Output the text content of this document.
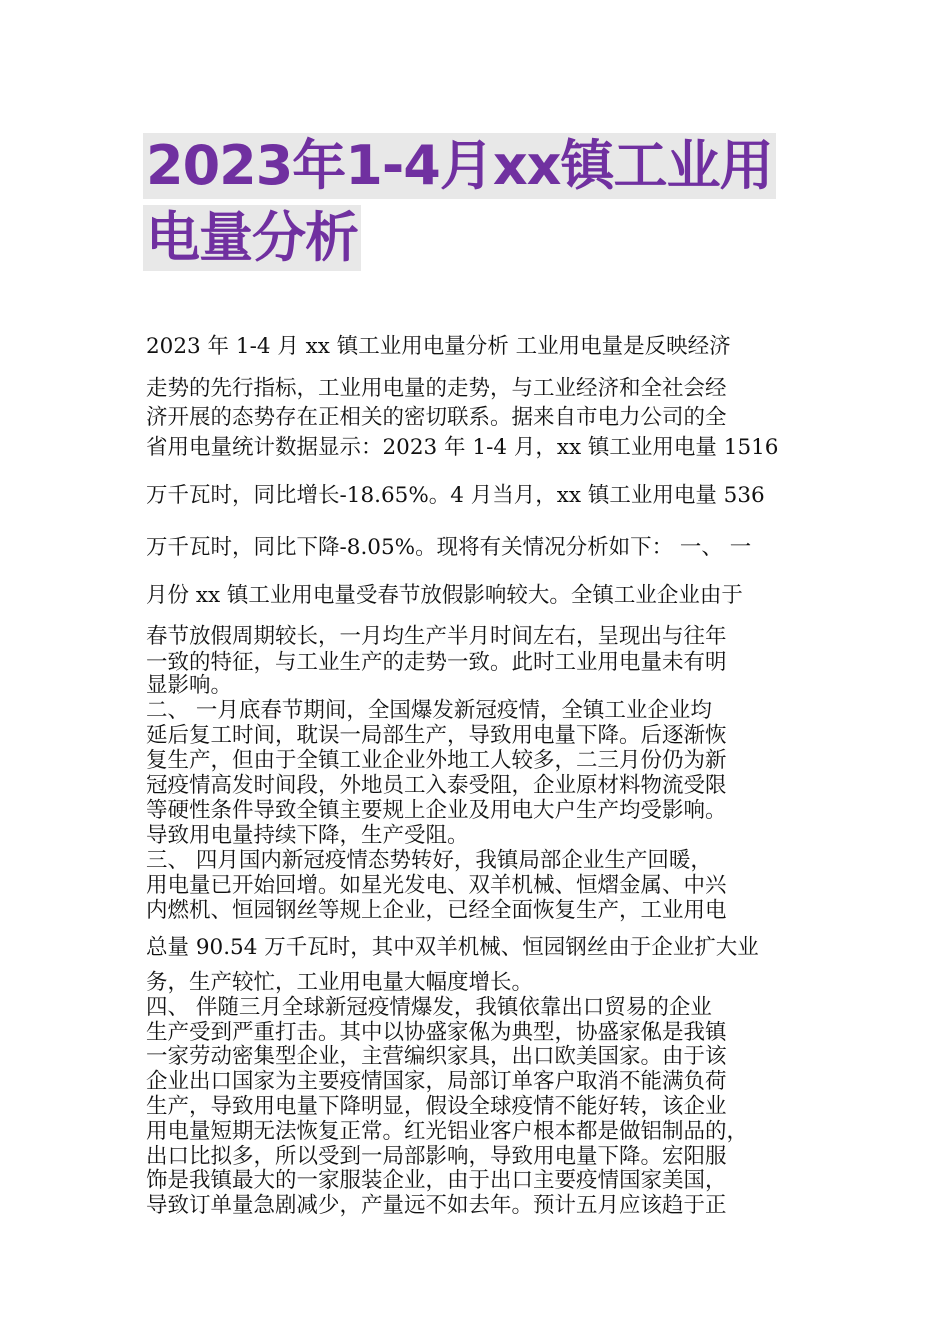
2023年1-4月xx镇工业用
电量分析
2023 年 1-4 月 xx 镇工业用电量分析 工业用电量是反映经济
走势的先行指标，工业用电量的走势，与工业经济和全社会经
济开展的态势存在正相关的密切联系。据来自市电力公司的全
省用电量统计数据显示：2023 年 1-4 月，xx 镇工业用电量 1516
万千瓦时，同比增长-18.65%。4 月当月，xx 镇工业用电量 536
万千瓦时，同比下降-8.05%。现将有关情况分析如下： 一、 一
月份 xx 镇工业用电量受春节放假影响较大。全镇工业企业由于
春节放假周期较长，一月均生产半月时间左右，呈现出与往年
一致的特征，与工业生产的走势一致。此时工业用电量未有明
显影响。
二、 一月底春节期间，全国爆发新冠疫情，全镇工业企业均
延后复工时间，耽误一局部生产，导致用电量下降。后逐渐恢
复生产，但由于全镇工业企业外地工人较多，二三月份仍为新
冠疫情高发时间段，外地员工入泰受阻，企业原材料物流受限
等硬性条件导致全镇主要规上企业及用电大户生产均受影响。
导致用电量持续下降，生产受阻。
三、 四月国内新冠疫情态势转好，我镇局部企业生产回暖，
用电量已开始回增。如星光发电、双羊机械、恒熠金属、中兴
内燃机、恒园钢丝等规上企业，已经全面恢复生产，工业用电
总量 90.54 万千瓦时，其中双羊机械、恒园钢丝由于企业扩大业
务，生产较忙，工业用电量大幅度增长。
四、 伴随三月全球新冠疫情爆发，我镇依靠出口贸易的企业
生产受到严重打击。其中以协盛家俬为典型，协盛家俬是我镇
一家劳动密集型企业，主营编织家具，出口欧美国家。由于该
企业出口国家为主要疫情国家，局部订单客户取消不能满负荷
生产，导致用电量下降明显，假设全球疫情不能好转，该企业
用电量短期无法恢复正常。红光铝业客户根本都是做铝制品的，
出口比拟多，所以受到一局部影响，导致用电量下降。宏阳服
饰是我镇最大的一家服装企业，由于出口主要疫情国家美国，
导致订单量急剧减少，产量远不如去年。预计五月应该趋于正
